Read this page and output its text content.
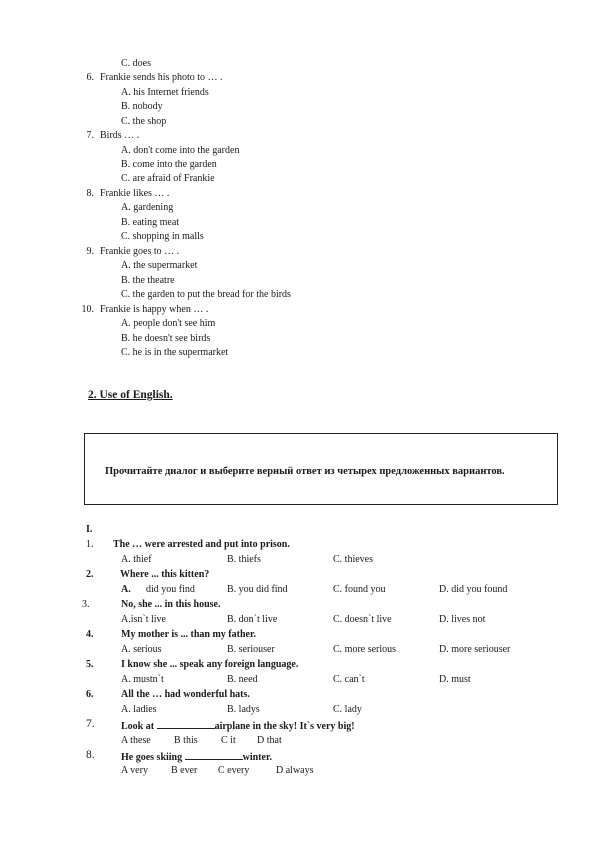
C. does
6. Frankie sends his photo to … .
A. his Internet friends
B. nobody
C. the shop
7. Birds … .
A. don't come into the garden
B. come into the garden
C. are afraid of Frankie
8. Frankie likes … .
A. gardening
B. eating meat
C. shopping in malls
9. Frankie goes to … .
A. the supermarket
B. the theatre
C. the garden to put the bread for the birds
10. Frankie is happy when … .
A. people don't see him
B. he doesn't see birds
C. he is in the supermarket
2. Use of English.
Прочитайте диалог и выберите верный ответ из четырех предложенных вариантов.
I.
1. The … were arrested and put into prison.
A. thief	B. thiefs	C. thieves
2.	Where ... this kitten?
A. did you find	B. you did find	C. found you	D. did you found
3.	No, she ... in this house.
A.isn`t live	B. don`t live	C. doesn`t live	D. lives not
4.	My mother is ... than my father.
A. serious	B. seriouser	C. more serious	D. more seriouser
5.	I know she ... speak any foreign language.
A. mustn`t	B. need	C. can`t	D. must
6.	All the … had wonderful hats.
A. ladies	B. ladys	C. lady
7.	Look at	airplane in the sky! It`s very big!
A these B this C it D that
8.	He goes skiing	winter.
A very B ever C every	D always
